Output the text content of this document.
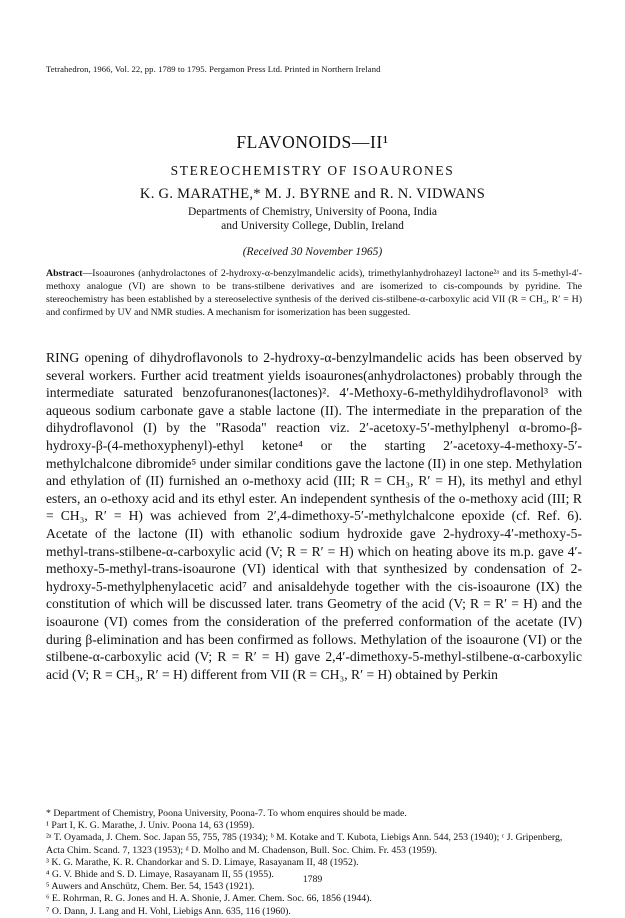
Tetrahedron, 1966, Vol. 22, pp. 1789 to 1795. Pergamon Press Ltd. Printed in Northern Ireland
FLAVONOIDS—II¹
STEREOCHEMISTRY OF ISOAURONES
K. G. MARATHE,* M. J. BYRNE and R. N. VIDWANS
Departments of Chemistry, University of Poona, India
and University College, Dublin, Ireland
(Received 30 November 1965)
Abstract—Isoaurones (anhydrolactones of 2-hydroxy-α-benzylmandelic acids), trimethylanhydrohazeyl lactone²ᵃ and its 5-methyl-4′-methoxy analogue (VI) are shown to be trans-stilbene derivatives and are isomerized to cis-compounds by pyridine. The stereochemistry has been established by a stereoselective synthesis of the derived cis-stilbene-α-carboxylic acid VII (R = CH₃, R′ = H) and confirmed by UV and NMR studies. A mechanism for isomerization has been suggested.

RING opening of dihydroflavonols to 2-hydroxy-α-benzylmandelic acids has been observed by several workers. Further acid treatment yields isoaurones(anhydrolactones) probably through the intermediate saturated benzofuranones(lactones)². 4′-Methoxy-6-methyldihydroflavonol³ with aqueous sodium carbonate gave a stable lactone (II). The intermediate in the preparation of the dihydroflavonol (I) by the "Rasoda" reaction viz. 2′-acetoxy-5′-methylphenyl α-bromo-β-hydroxy-β-(4-methoxyphenyl)-ethyl ketone⁴ or the starting 2′-acetoxy-4-methoxy-5′-methylchalcone dibromide⁵ under similar conditions gave the lactone (II) in one step. Methylation and ethylation of (II) furnished an o-methoxy acid (III; R = CH₃, R′ = H), its methyl and ethyl esters, an o-ethoxy acid and its ethyl ester. An independent synthesis of the o-methoxy acid (III; R = CH₃, R′ = H) was achieved from 2′,4-dimethoxy-5′-methylchalcone epoxide (cf. Ref. 6). Acetate of the lactone (II) with ethanolic sodium hydroxide gave 2-hydroxy-4′-methoxy-5-methyl-trans-stilbene-α-carboxylic acid (V; R = R′ = H) which on heating above its m.p. gave 4′-methoxy-5-methyl-trans-isoaurone (VI) identical with that synthesized by condensation of 2-hydroxy-5-methylphenylacetic acid⁷ and anisaldehyde together with the cis-isoaurone (IX) the constitution of which will be discussed later. trans Geometry of the acid (V; R = R′ = H) and the isoaurone (VI) comes from the consideration of the preferred conformation of the acetate (IV) during β-elimination and has been confirmed as follows. Methylation of the isoaurone (VI) or the stilbene-α-carboxylic acid (V; R = R′ = H) gave 2,4′-dimethoxy-5-methyl-stilbene-α-carboxylic acid (V; R = CH₃, R′ = H) different from VII (R = CH₃, R′ = H) obtained by Perkin

* Department of Chemistry, Poona University, Poona-7. To whom enquires should be made.
¹ Part I, K. G. Marathe, J. Univ. Poona 14, 63 (1959).
²ᵃ T. Oyamada, J. Chem. Soc. Japan 55, 755, 785 (1934); ᵇ M. Kotake and T. Kubota, Liebigs Ann. 544, 253 (1940); ᶜ J. Gripenberg, Acta Chim. Scand. 7, 1323 (1953); ᵈ D. Molho and M. Chadenson, Bull. Soc. Chim. Fr. 453 (1959).
³ K. G. Marathe, K. R. Chandorkar and S. D. Limaye, Rasayanam II, 48 (1952).
⁴ G. V. Bhide and S. D. Limaye, Rasayanam II, 55 (1955).
⁵ Auwers and Anschütz, Chem. Ber. 54, 1543 (1921).
⁶ E. Rohrman, R. G. Jones and H. A. Shonie, J. Amer. Chem. Soc. 66, 1856 (1944).
⁷ O. Dann, J. Lang and H. Vohl, Liebigs Ann. 635, 116 (1960).
1789
